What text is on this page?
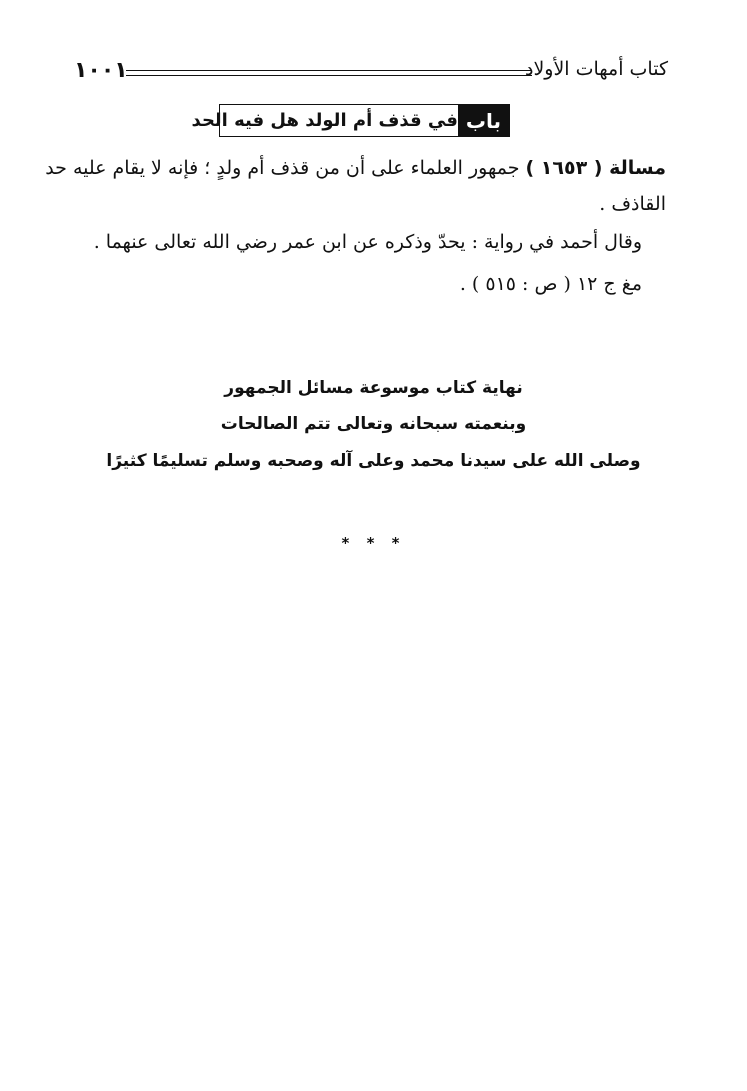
١٠٠١	كتاب أمهات الأولاد
باب
في قذف أم الولد هل فيه الحد
مسالة ( ١٦٥٣ ) جمهور العلماء على أن من قذف أم ولدٍ ؛ فإنه لا يقام عليه حد
القاذف .
وقال أحمد في رواية : يحدّ وذكره عن ابن عمر رضي الله تعالى عنهما .
مغ ج ١٢ ( ص : ٥١٥ ) .
نهاية كتاب موسوعة مسائل الجمهور
وبنعمته سبحانه وتعالى تتم الصالحات
وصلى الله على سيدنا محمد وعلى آله وصحبه وسلم تسليمًا كثيرًا
* * *
